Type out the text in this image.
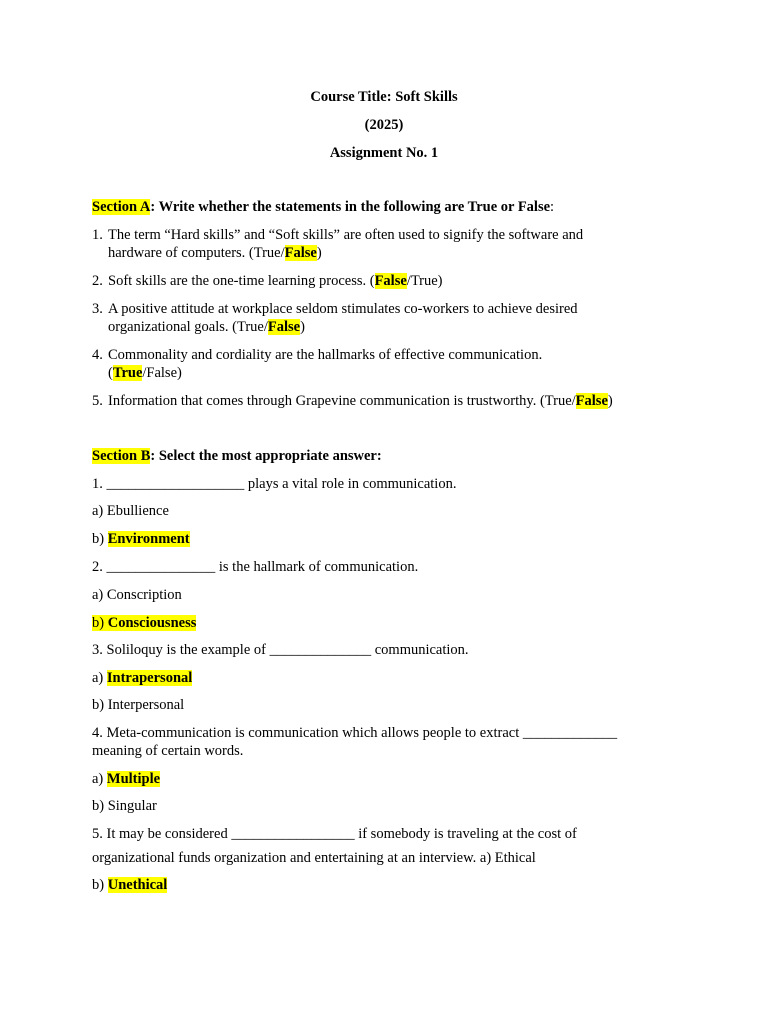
Course Title: Soft Skills
(2025)
Assignment No. 1
Section A: Write whether the statements in the following are True or False:
1. The term “Hard skills” and “Soft skills” are often used to signify the software and
hardware of computers. (True/False)
2. Soft skills are the one-time learning process. (False/True)
3. A positive attitude at workplace seldom stimulates co-workers to achieve desired
organizational goals. (True/False)
4. Commonality and cordiality are the hallmarks of effective communication.
(True/False)
5. Information that comes through Grapevine communication is trustworthy. (True/False)
Section B: Select the most appropriate answer:
1. ___________________ plays a vital role in communication.
a) Ebullience
b) Environment
2. _______________ is the hallmark of communication.
a) Conscription
b) Consciousness
3. Soliloquy is the example of ______________ communication.
a) Intrapersonal
b) Interpersonal
4. Meta-communication is communication which allows people to extract _____________
meaning of certain words.
a) Multiple
b) Singular
5. It may be considered _________________ if somebody is traveling at the cost of
organizational funds organization and entertaining at an interview. a) Ethical
b) Unethical
